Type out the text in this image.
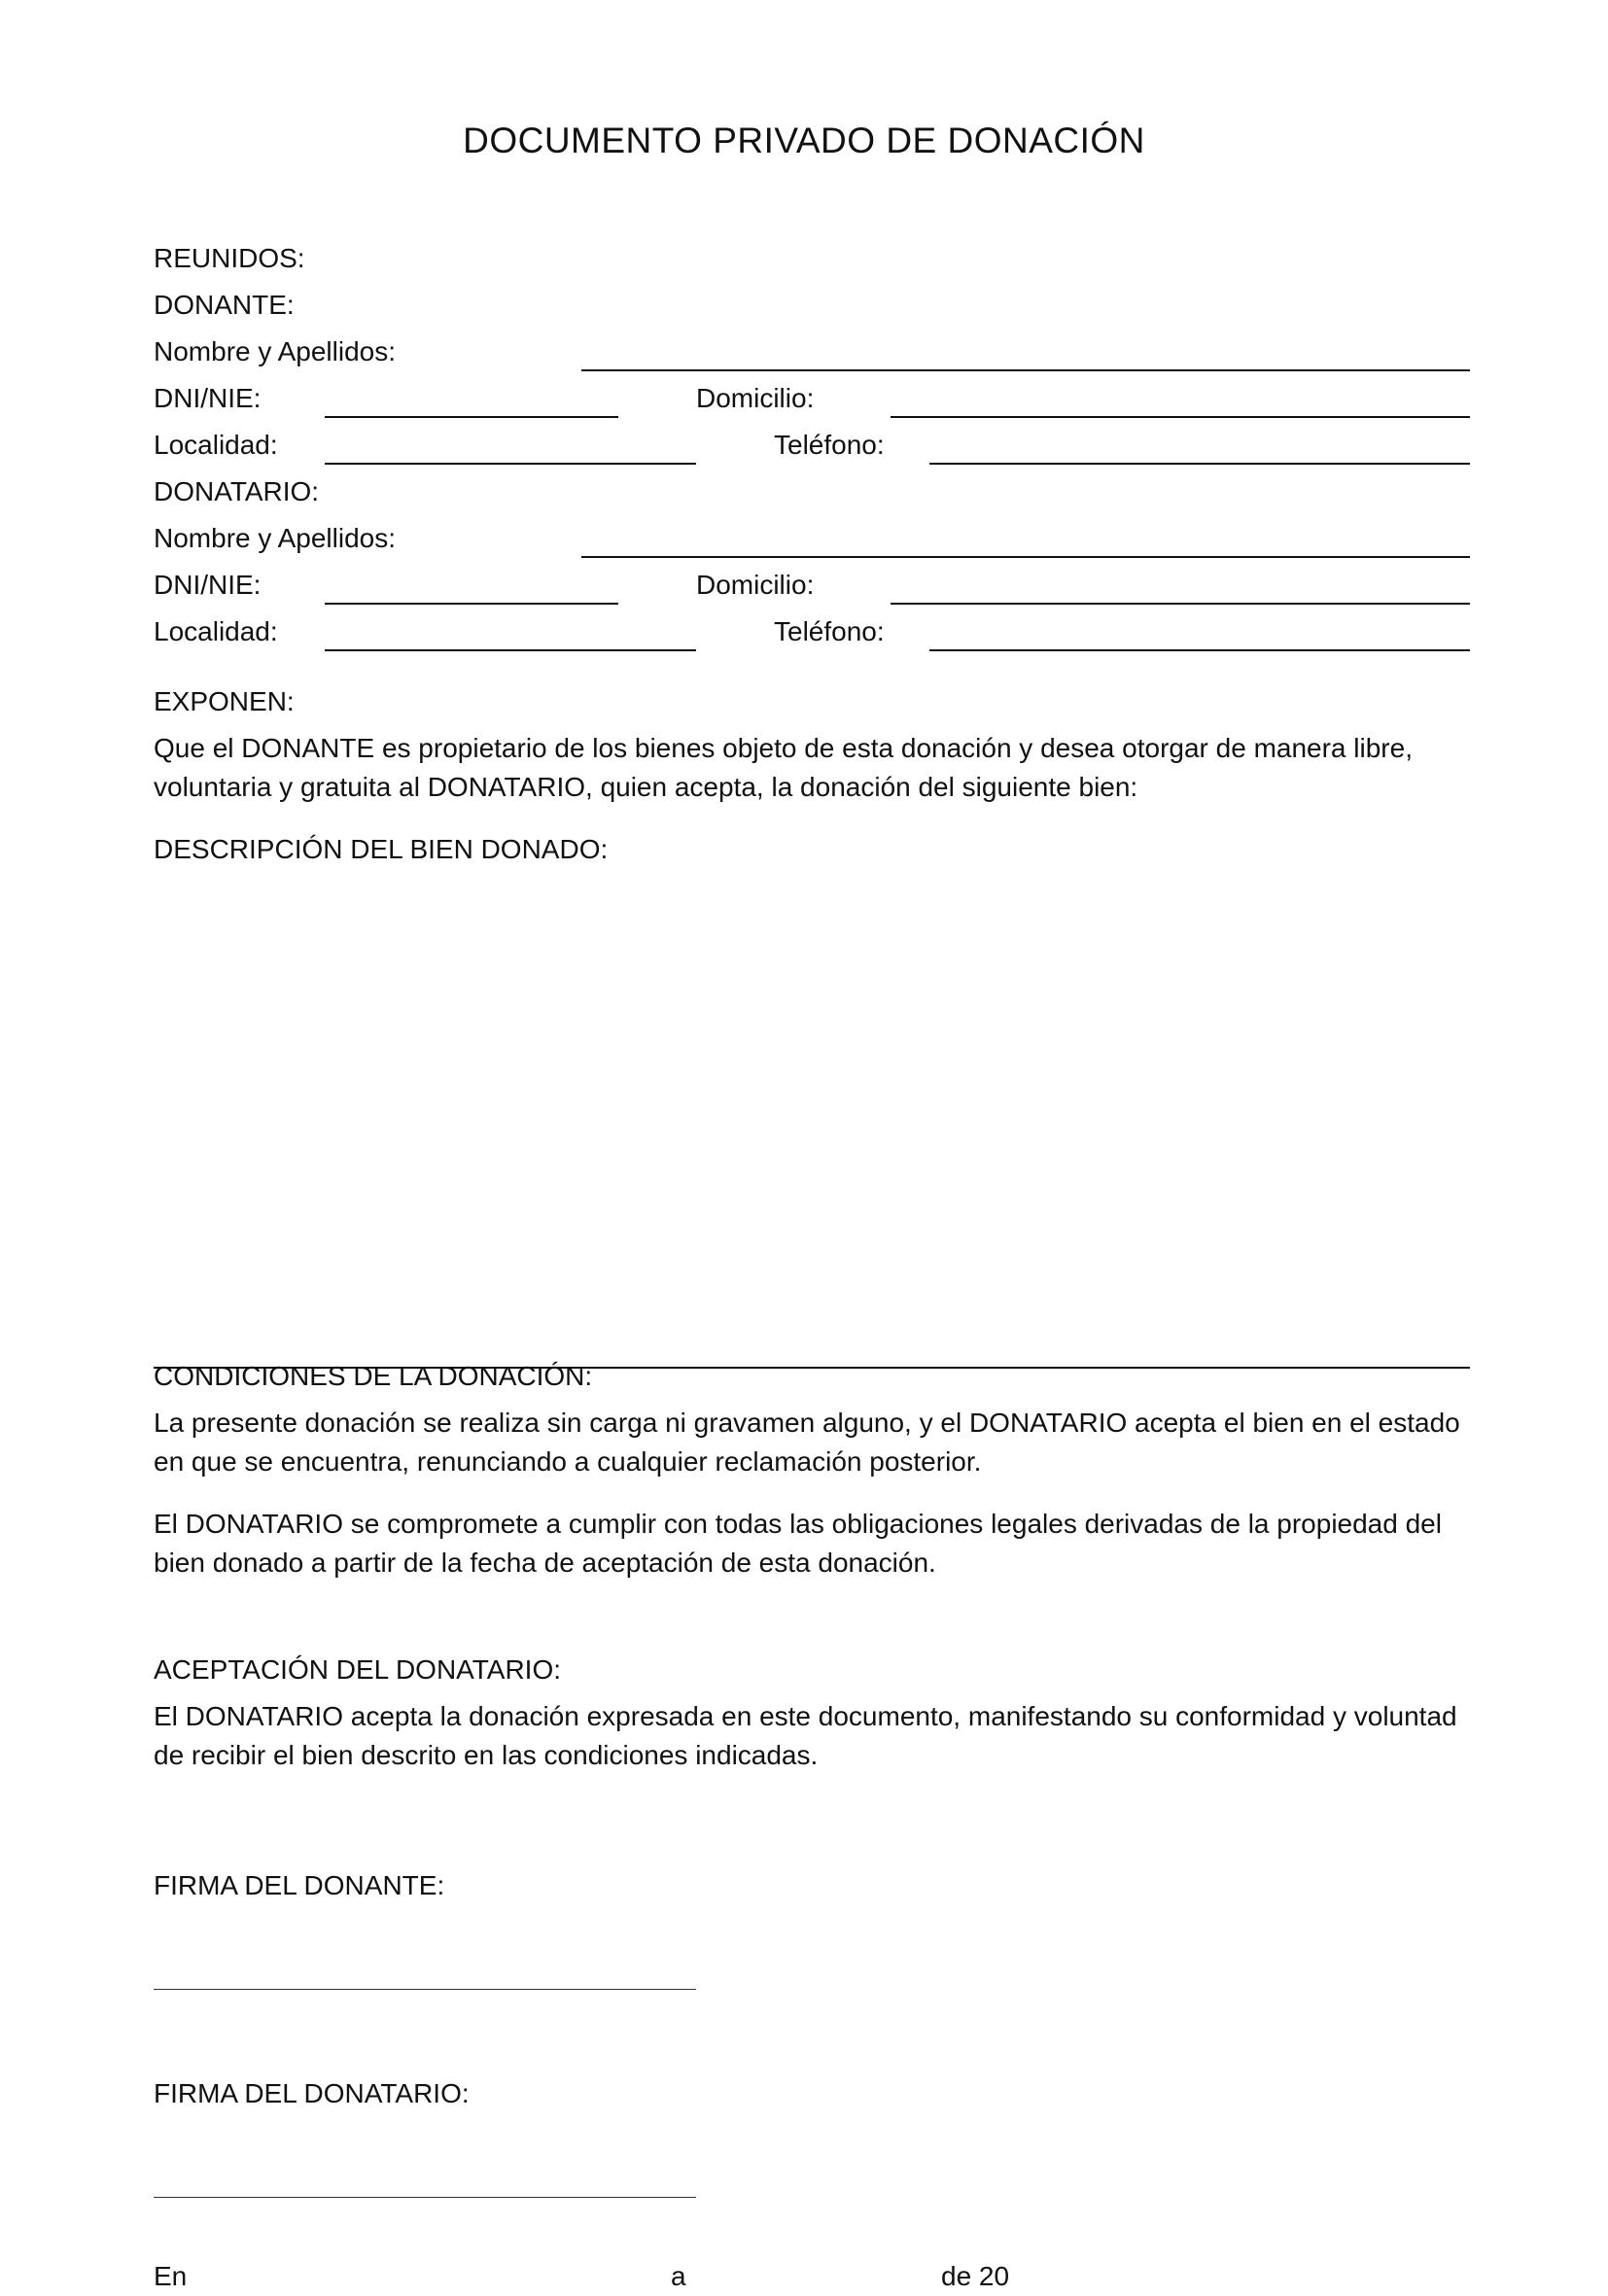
DOCUMENTO PRIVADO DE DONACIÓN
REUNIDOS:
DONANTE:
Nombre y Apellidos:
DNI/NIE:	Domicilio:
Localidad:	Teléfono:
DONATARIO:
Nombre y Apellidos:
DNI/NIE:	Domicilio:
Localidad:	Teléfono:
EXPONEN:
Que el DONANTE es propietario de los bienes objeto de esta donación y desea otorgar de manera libre, voluntaria y gratuita al DONATARIO, quien acepta, la donación del siguiente bien:
DESCRIPCIÓN DEL BIEN DONADO:
CONDICIONES DE LA DONACIÓN:
La presente donación se realiza sin carga ni gravamen alguno, y el DONATARIO acepta el bien en el estado en que se encuentra, renunciando a cualquier reclamación posterior.
El DONATARIO se compromete a cumplir con todas las obligaciones legales derivadas de la propiedad del bien donado a partir de la fecha de aceptación de esta donación.
ACEPTACIÓN DEL DONATARIO:
El DONATARIO acepta la donación expresada en este documento, manifestando su conformidad y voluntad de recibir el bien descrito en las condiciones indicadas.
FIRMA DEL DONANTE:
FIRMA DEL DONATARIO:
En	a	de 20
